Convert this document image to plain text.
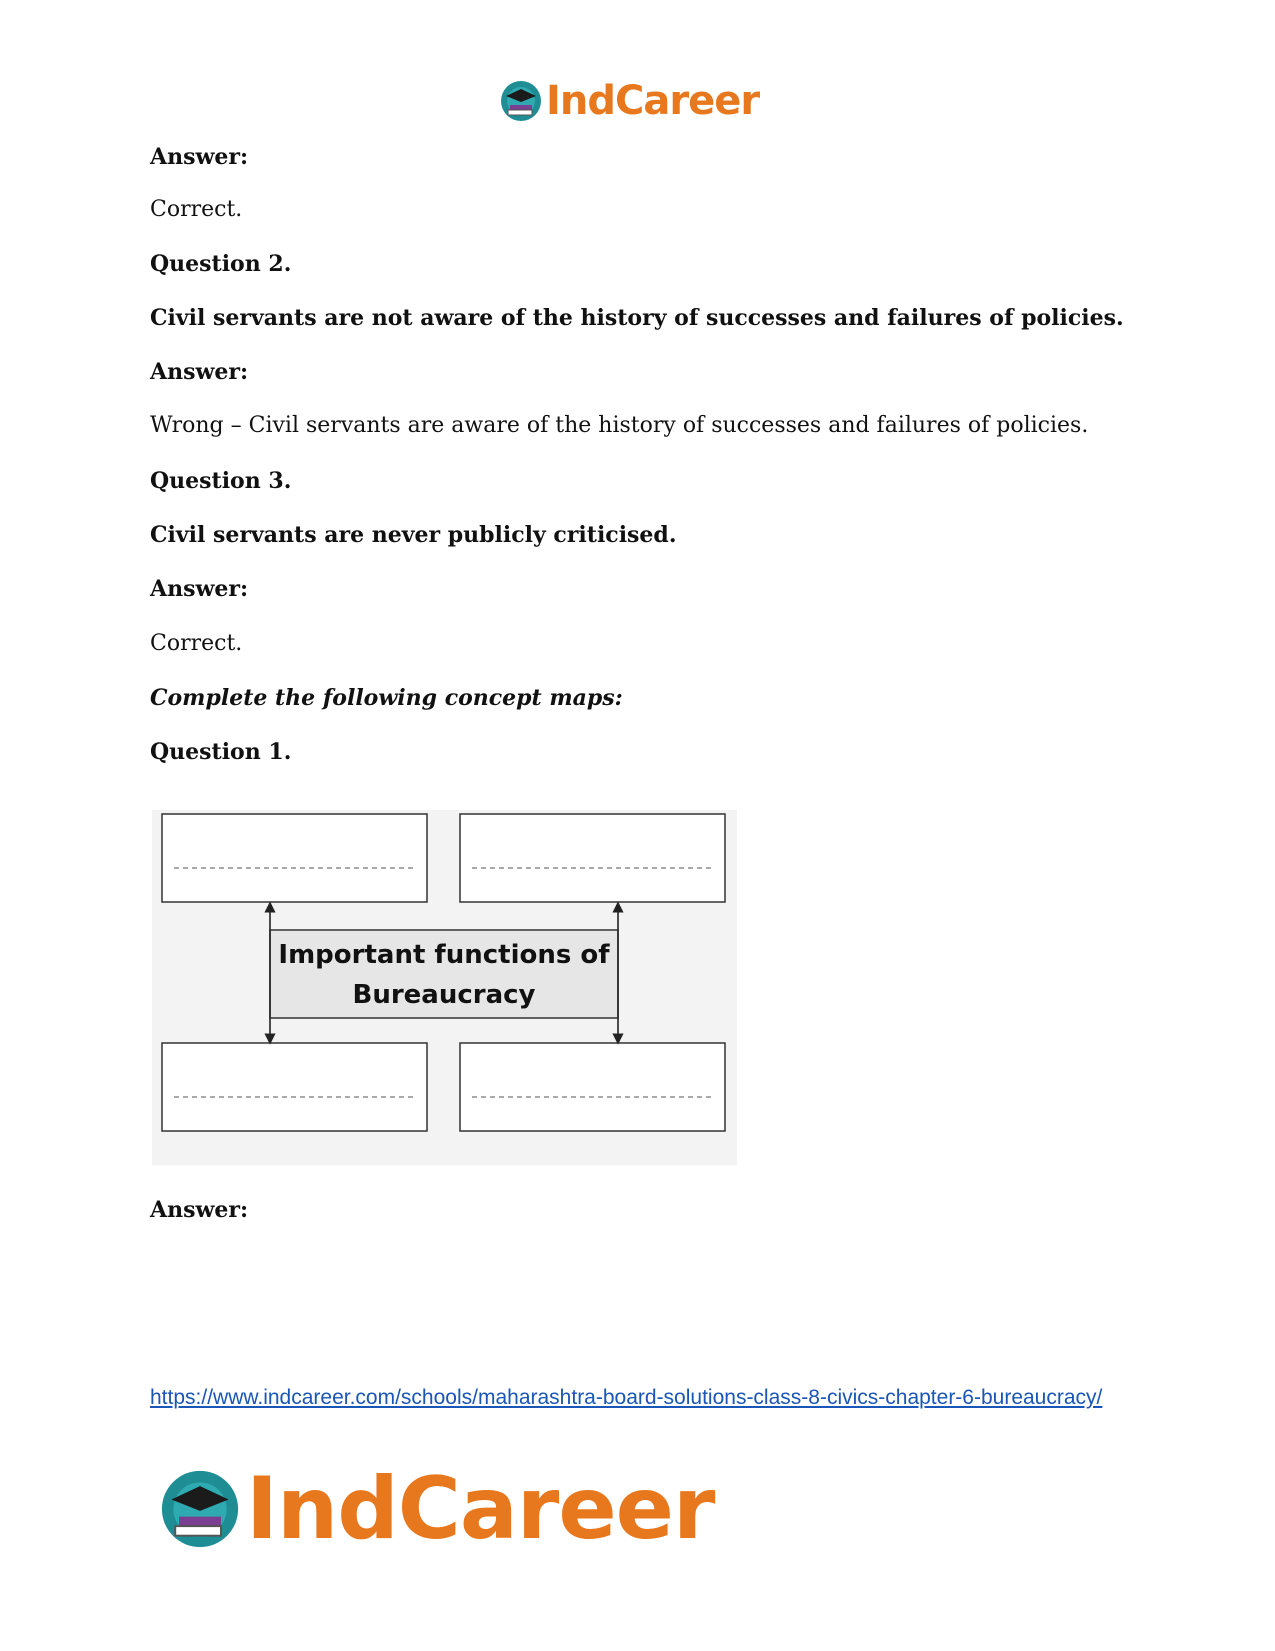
IndCareer
Answer:
Correct.
Question 2.
Civil servants are not aware of the history of successes and failures of policies.
Answer:
Wrong – Civil servants are aware of the history of successes and failures of policies.
Question 3.
Civil servants are never publicly criticised.
Answer:
Correct.
Complete the following concept maps:
Question 1.
Answer:
Important functions of
Bureaucracy
https://www.indcareer.com/schools/maharashtra-board-solutions-class-8-civics-chapter-6-bureaucracy/
IndCareer
